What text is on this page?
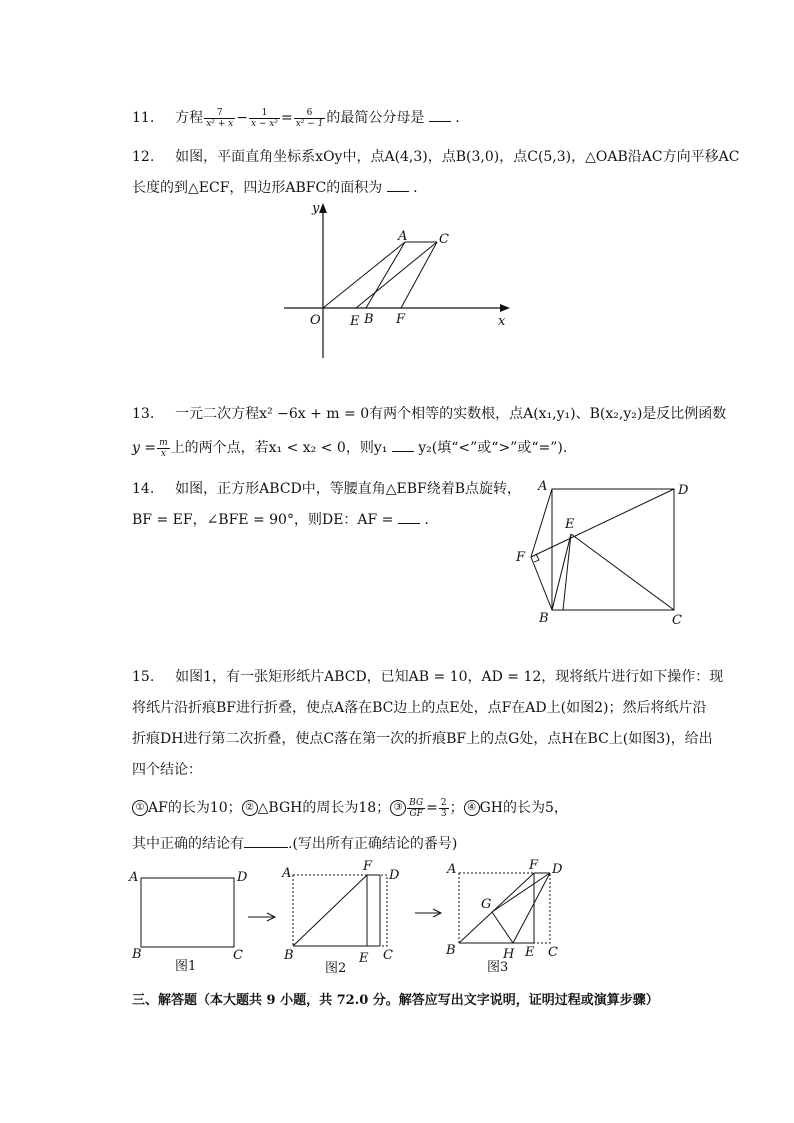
11. 方程 $\frac{7}{\text{x² + x}} - \frac{1}{\text{x − x²}} = \frac{6}{\text{x² − 1}}$ 的最简公分母是 .
12. 如图，平面直角坐标系xOy中，点A(4,3)，点B(3,0)，点C(5,3)，△OAB沿AC方向平移AC
长度的到△ECF，四边形ABFC的面积为 .
y
x
O
A C
E B F
13. 一元二次方程x² −6x + m = 0有两个相等的实数根，点A(x₁,y₁)、B(x₂,y₂)是反比例函数
$y = \frac{m}{x}$ 上的两个点，若x₁ < x₂ < 0，则y₁ y₂(填“<”或“>”或“=”).
14. 如图，正方形ABCD中，等腰直角△EBF绕着B点旋转，
BF = EF，∠BFE = 90°，则DE：AF = .
A	D
E
F
B	C
15. 如图1，有一张矩形纸片ABCD，已知AB = 10，AD = 12，现将纸片进行如下操作：现
将纸片沿折痕BF进行折叠，使点A落在BC边上的点E处，点F在AD上(如图2)；然后将纸片沿
折痕DH进行第二次折叠，使点C落在第一次的折痕BF上的点G处，点H在BC上(如图3)，给出
四个结论：
① AF的长为10； ② △BGH的周长为18； ③ $\frac{BG}{GF} = \frac{2}{3}$ ； ④ GH的长为5，
其中正确的结论有	.(写出所有正确结论的番号)
A	D
B	C
图1
A	F
D
B	E C
图2
A	F D
G
B	H E C
图3
三、解答题（本大题共 9 小题，共 72.0 分。解答应写出文字说明，证明过程或演算步骤）
